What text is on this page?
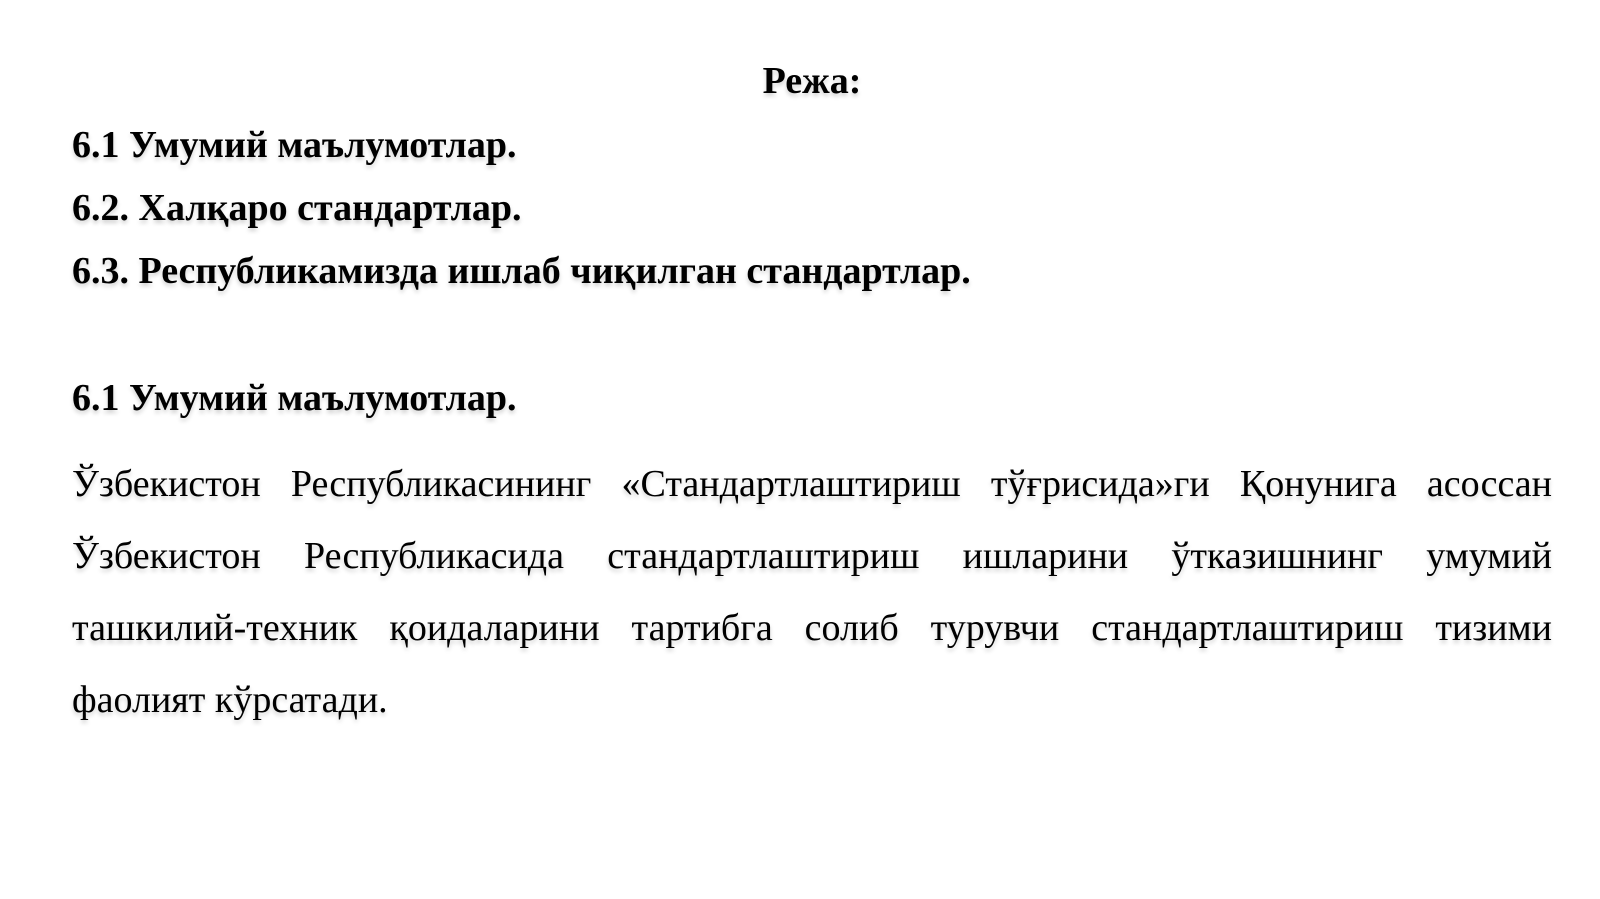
Режа:
6.1 Умумий маълумотлар.
6.2. Халқаро стандартлар.
6.3. Республикамизда ишлаб чиқилган стандартлар.
6.1 Умумий маълумотлар.
Ўзбекистон Республикасининг «Стандартлаштириш тўғрисида»ги Қонунига асоссан Ўзбекистон Республикасида стандартлаштириш ишларини ўтказишнинг умумий ташкилий-техник қоидаларини тартибга солиб турувчи стандартлаштириш тизими фаолият кўрсатади.
